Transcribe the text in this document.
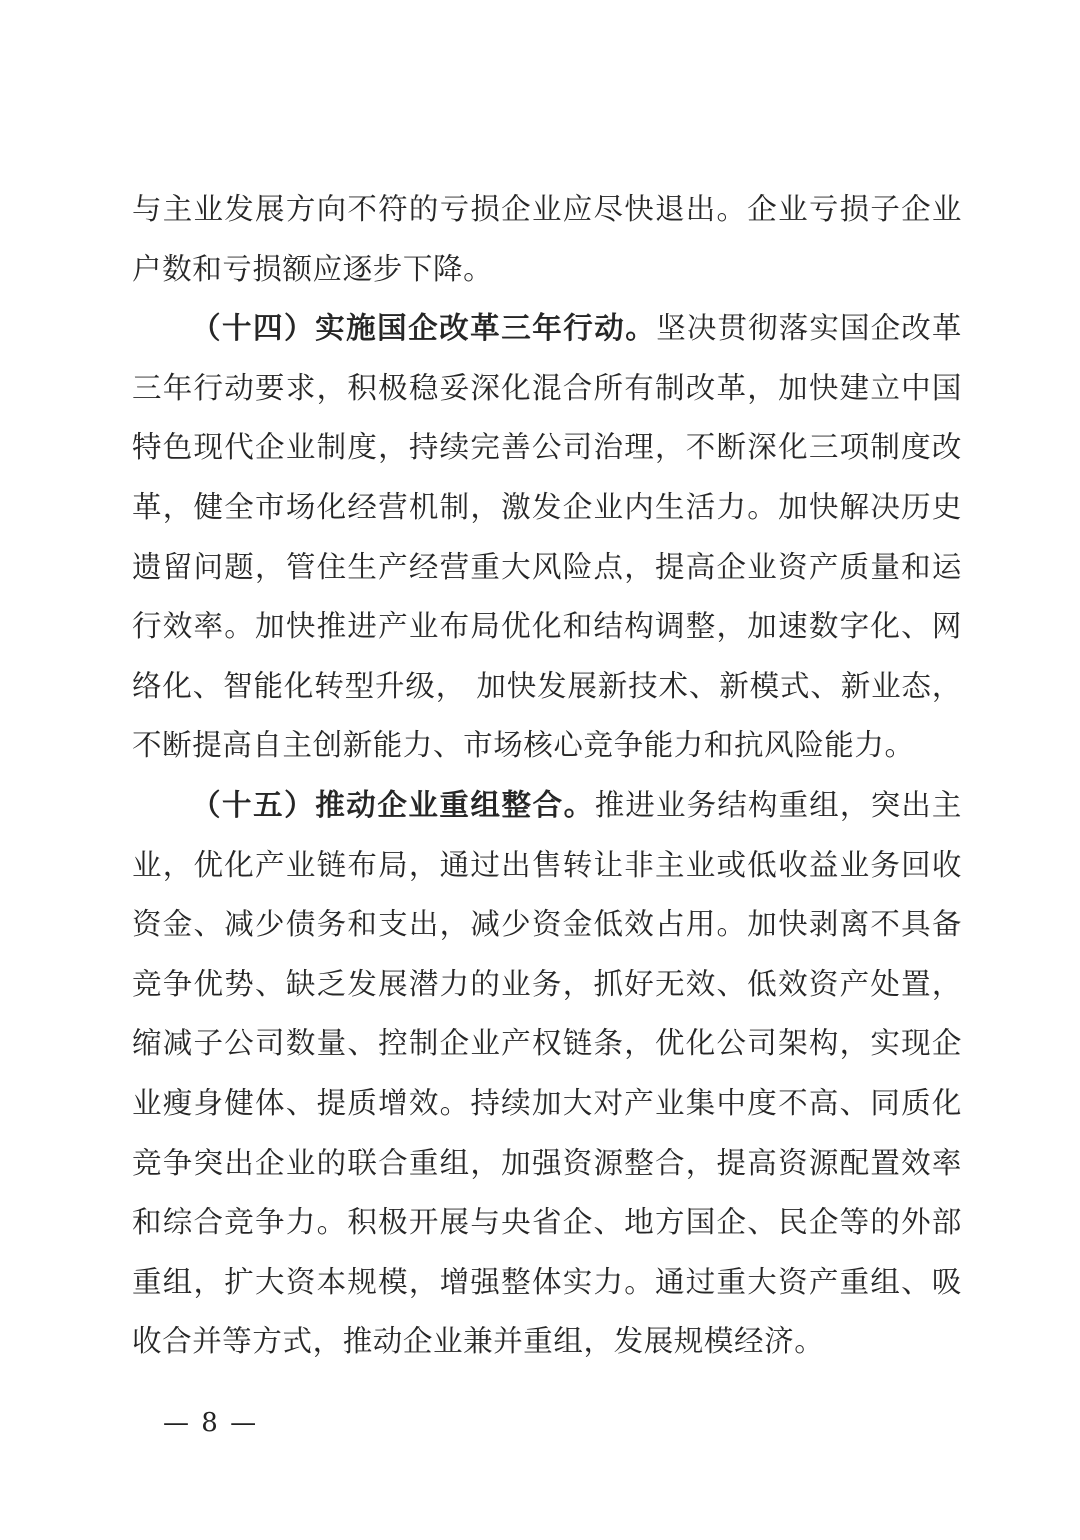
与主业发展方向不符的亏损企业应尽快退出。企业亏损子企业户数和亏损额应逐步下降。

（十四）实施国企改革三年行动。坚决贯彻落实国企改革三年行动要求，积极稳妥深化混合所有制改革，加快建立中国特色现代企业制度，持续完善公司治理，不断深化三项制度改革，健全市场化经营机制，激发企业内生活力。加快解决历史遗留问题，管住生产经营重大风险点，提高企业资产质量和运行效率。加快推进产业布局优化和结构调整，加速数字化、网络化、智能化转型升级， 加快发展新技术、新模式、新业态，不断提高自主创新能力、市场核心竞争能力和抗风险能力。

（十五）推动企业重组整合。推进业务结构重组，突出主业，优化产业链布局，通过出售转让非主业或低收益业务回收资金、减少债务和支出，减少资金低效占用。加快剥离不具备竞争优势、缺乏发展潜力的业务，抓好无效、低效资产处置，缩减子公司数量、控制企业产权链条，优化公司架构，实现企业瘦身健体、提质增效。持续加大对产业集中度不高、同质化竞争突出企业的联合重组，加强资源整合，提高资源配置效率和综合竞争力。积极开展与央省企、地方国企、民企等的外部重组，扩大资本规模，增强整体实力。通过重大资产重组、吸收合并等方式，推动企业兼并重组，发展规模经济。

— 8 —
